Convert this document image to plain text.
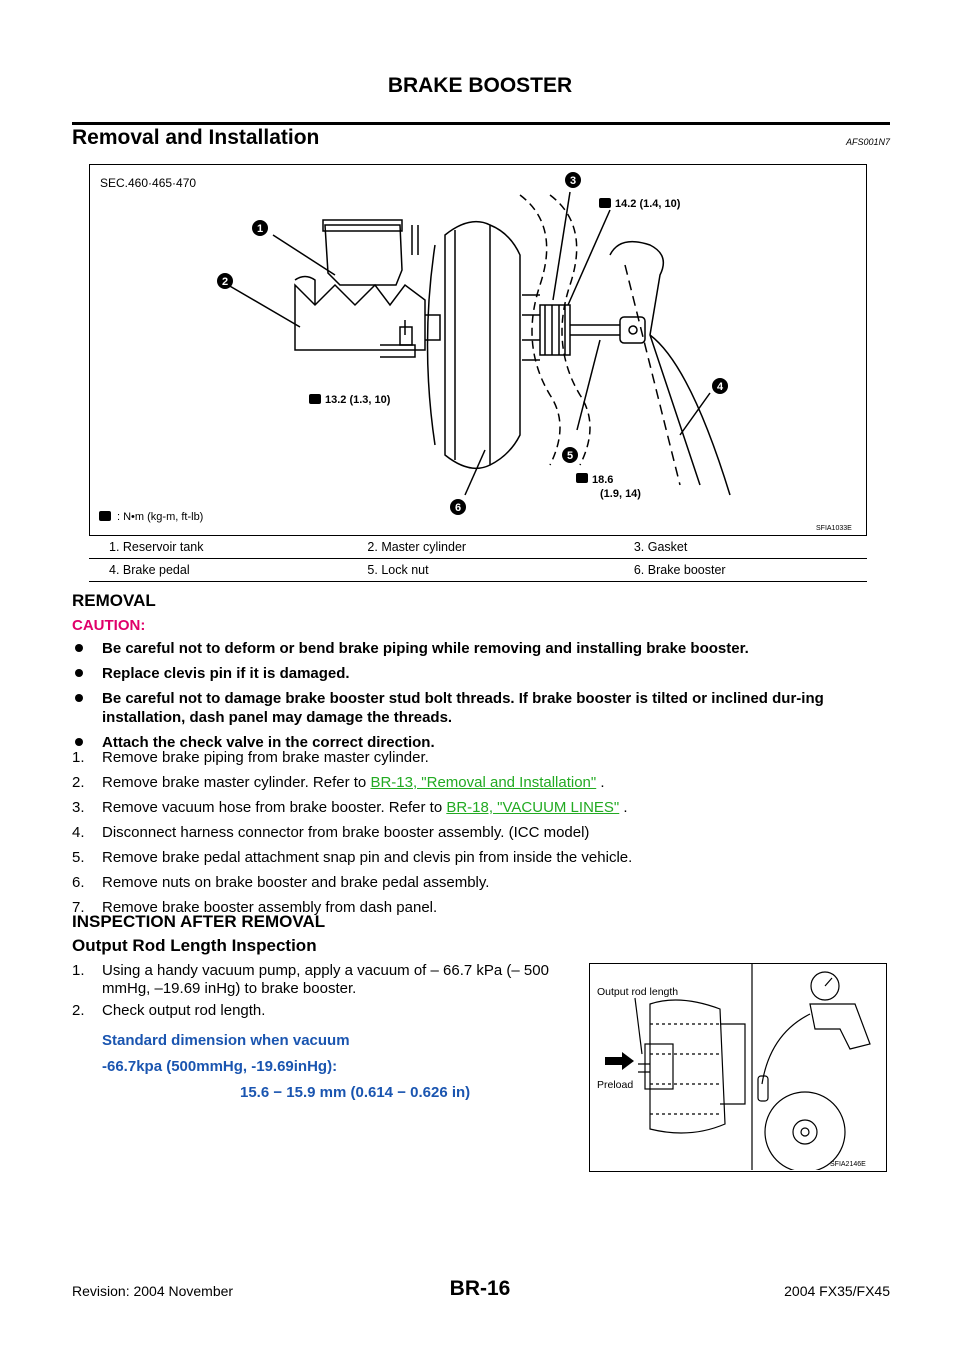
BRAKE BOOSTER
Removal and Installation	AFS001N7
1
2
3
4
5
6
SEC.460·465·470
14.2 (1.4, 10)
13.2 (1.3, 10)
18.6
(1.9, 14)
: N•m (kg-m, ft-lb)
SFIA1033E
1. Reservoir tank	2. Master cylinder	3. Gasket
4. Brake pedal	5. Lock nut	6. Brake booster
REMOVAL
CAUTION:
Be careful not to deform or bend brake piping while removing and installing brake booster.
Replace clevis pin if it is damaged.
Be careful not to damage brake booster stud bolt threads. If brake booster is tilted or inclined dur-ing installation, dash panel may damage the threads.
Attach the check valve in the correct direction.
1. Remove brake piping from brake master cylinder.
2. Remove brake master cylinder. Refer to BR-13, "Removal and Installation" .
3. Remove vacuum hose from brake booster. Refer to BR-18, "VACUUM LINES" .
4. Disconnect harness connector from brake booster assembly. (ICC model)
5. Remove brake pedal attachment snap pin and clevis pin from inside the vehicle.
6. Remove nuts on brake booster and brake pedal assembly.
7. Remove brake booster assembly from dash panel.
INSPECTION AFTER REMOVAL
Output Rod Length Inspection
1. Using a handy vacuum pump, apply a vacuum of – 66.7 kPa (– 500 mmHg, –19.69 inHg) to brake booster.
2. Check output rod length.
Standard dimension when vacuum
-66.7kpa (500mmHg, -19.69inHg):
15.6 − 15.9 mm (0.614 − 0.626 in)
Output rod length
Preload
SFIA2146E
Revision: 2004 November	BR-16	2004 FX35/FX45
